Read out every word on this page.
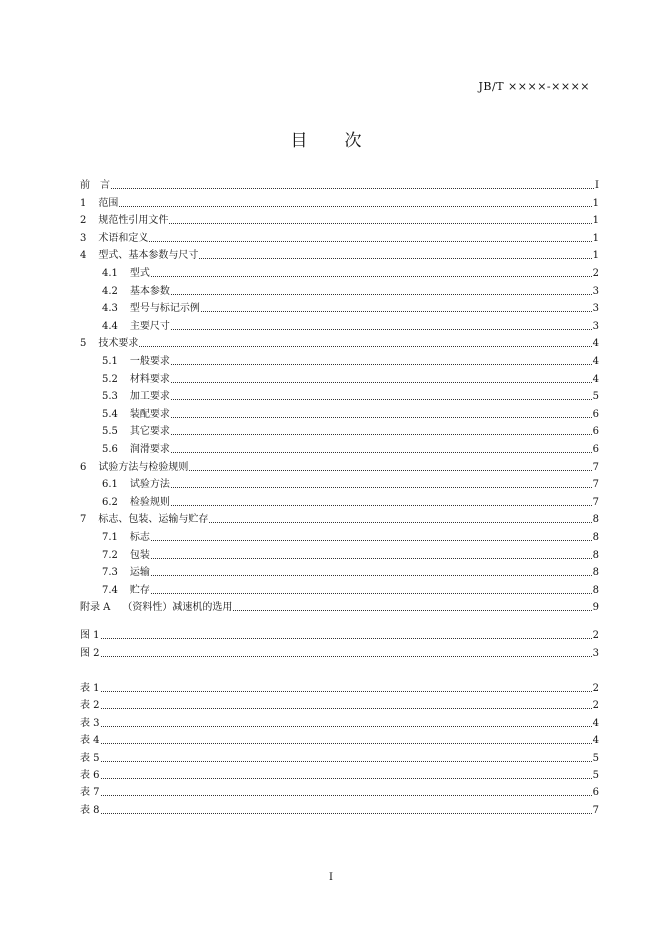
JB/T ××××-××××
目　次
前　言	I
1 范围	1
2 规范性引用文件	1
3 术语和定义	1
4 型式、基本参数与尺寸	1
4.1 型式	2
4.2 基本参数	3
4.3 型号与标记示例	3
4.4 主要尺寸	3
5 技术要求	4
5.1 一般要求	4
5.2 材料要求	4
5.3 加工要求	5
5.4 装配要求	6
5.5 其它要求	6
5.6 润滑要求	6
6 试验方法与检验规则	7
6.1 试验方法	7
6.2 检验规则	7
7 标志、包装、运输与贮存	8
7.1 标志	8
7.2 包装	8
7.3 运输	8
7.4 贮存	8
附录 A （资料性）减速机的选用	9
图 1	2
图 2	3
表 1	2
表 2	2
表 3	4
表 4	4
表 5	5
表 6	5
表 7	6
表 8	7
I
